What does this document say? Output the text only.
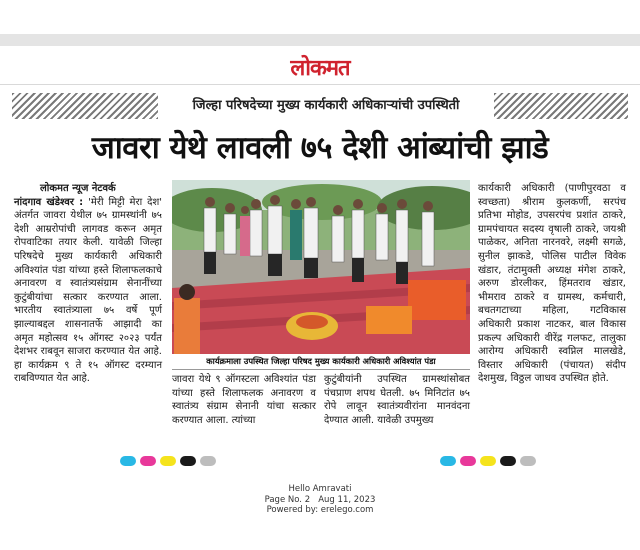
लोकमत
जिल्हा परिषदेच्या मुख्य कार्यकारी अधिकाऱ्यांची उपस्थिती
जावरा येथे लावली ७५ देशी आंब्यांची झाडे
लोकमत न्यूज नेटवर्क
नांदगाव खंडेश्वर : 'मेरी मिट्टी मेरा देश' अंतर्गत जावरा येथील ७५ ग्रामस्थांनी ७५ देशी आम्ररोपांची लागवड करून अमृत रोपवाटिका तयार केली. यावेळी जिल्हा परिषदेचे मुख्य कार्यकारी अधिकारी अविश्यांत पंडा यांच्या हस्ते शिलाफलकाचे अनावरण व स्वातंत्र्यसंग्राम सेनानींच्या कुटुंबीयांचा सत्कार करण्यात आला. भारतीय स्वातंत्र्याला ७५ वर्षे पूर्ण झाल्याबद्दल शासनातर्फे आझादी का अमृत महोत्सव १५ ऑगस्ट २०२३ पर्यंत देशभर राबवून साजरा करण्यात येत आहे. हा कार्यक्रम ९ ते १५ ऑगस्ट दरम्यान राबविण्यात येत आहे.
कार्यक्रमाला उपस्थित जिल्हा परिषद मुख्य कार्यकारी अधिकारी अविश्यांत पंडा
जावरा येथे ९ ऑगस्टला अविश्यांत पंडा यांच्या हस्ते शिलाफलक अनावरण व स्वातंत्र्य संग्राम सेनानी यांचा सत्कार करण्यात आला. त्यांच्या
कुटुंबीयांनी उपस्थित ग्रामस्थांसोबत पंचप्राण शपथ घेतली. ७५ मिनिटांत ७५ रोपे लावून स्वातंत्र्यवीरांना मानवंदना देण्यात आली. यावेळी उपमुख्य
कार्यकारी अधिकारी (पाणीपुरवठा व स्वच्छता) श्रीराम कुलकर्णी, सरपंच प्रतिभा मोहोड, उपसरपंच प्रशांत ठाकरे, ग्रामपंचायत सदस्य वृषाली ठाकरे, जयश्री पाळेकर, अनिता नारनवरे, लक्ष्मी सगळे, सुनील झाकडे, पोलिस पाटील विवेक खंडार, तंटामुक्ती अध्यक्ष मंगेश ठाकरे, अरुण डोरलीकर, हिंमतराव खंडार, भीमराव ठाकरे व ग्रामस्थ, कर्मचारी, बचतगटाच्या महिला, गटविकास अधिकारी प्रकाश नाटकर, बाल विकास प्रकल्प अधिकारी वीरेंद्र गलफट, तालुका आरोग्य अधिकारी स्वप्निल मालखेडे, विस्तार अधिकारी (पंचायत) संदीप देशमुख, विठ्ठल जाधव उपस्थित होते.
Hello Amravati
Page No. 2 Aug 11, 2023
Powered by: erelego.com
